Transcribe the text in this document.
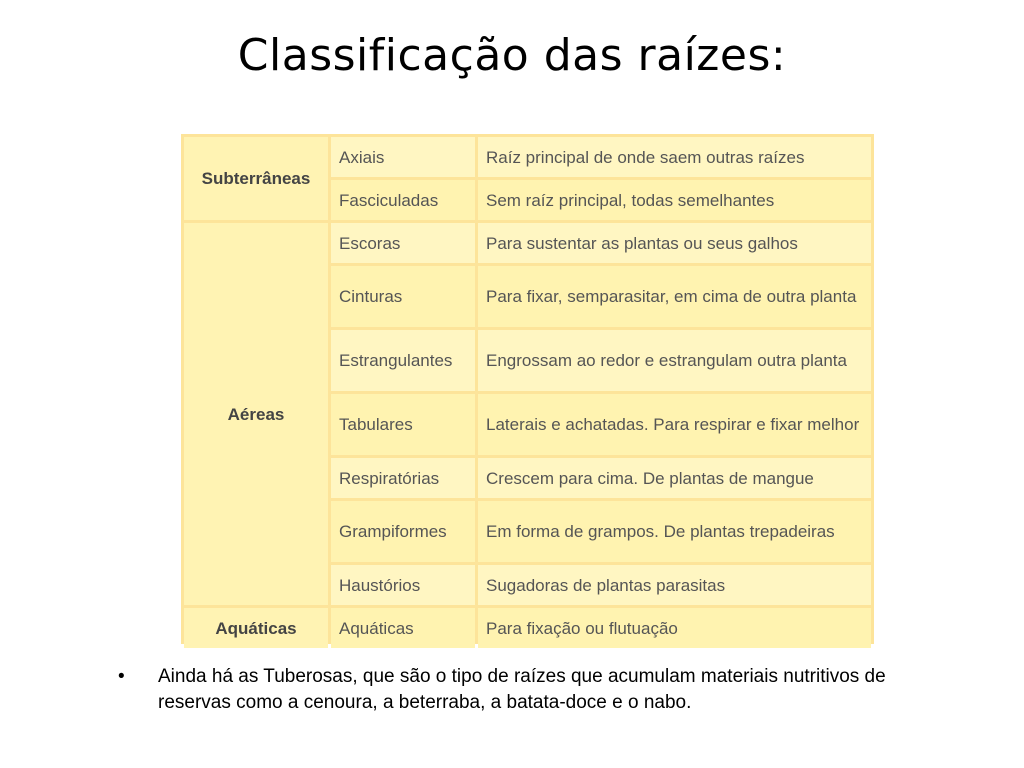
Classificação das raízes:
Subterrâneas	Axiais	Raíz principal de onde saem outras raízes
	Fasciculadas	Sem raíz principal, todas semelhantes
Aéreas	Escoras	Para sustentar as plantas ou seus galhos
	Cinturas	Para fixar, semparasitar, em cima de outra planta
	Estrangulantes	Engrossam ao redor e estrangulam outra planta
	Tabulares	Laterais e achatadas. Para respirar e fixar melhor
	Respiratórias	Crescem para cima. De plantas de mangue
	Grampiformes	Em forma de grampos. De plantas trepadeiras
	Haustórios	Sugadoras de plantas parasitas
Aquáticas	Aquáticas	Para fixação ou flutuação
• Ainda há as Tuberosas, que são o tipo de raízes que acumulam materiais nutritivos de reservas como a cenoura, a beterraba, a batata-doce e o nabo.
